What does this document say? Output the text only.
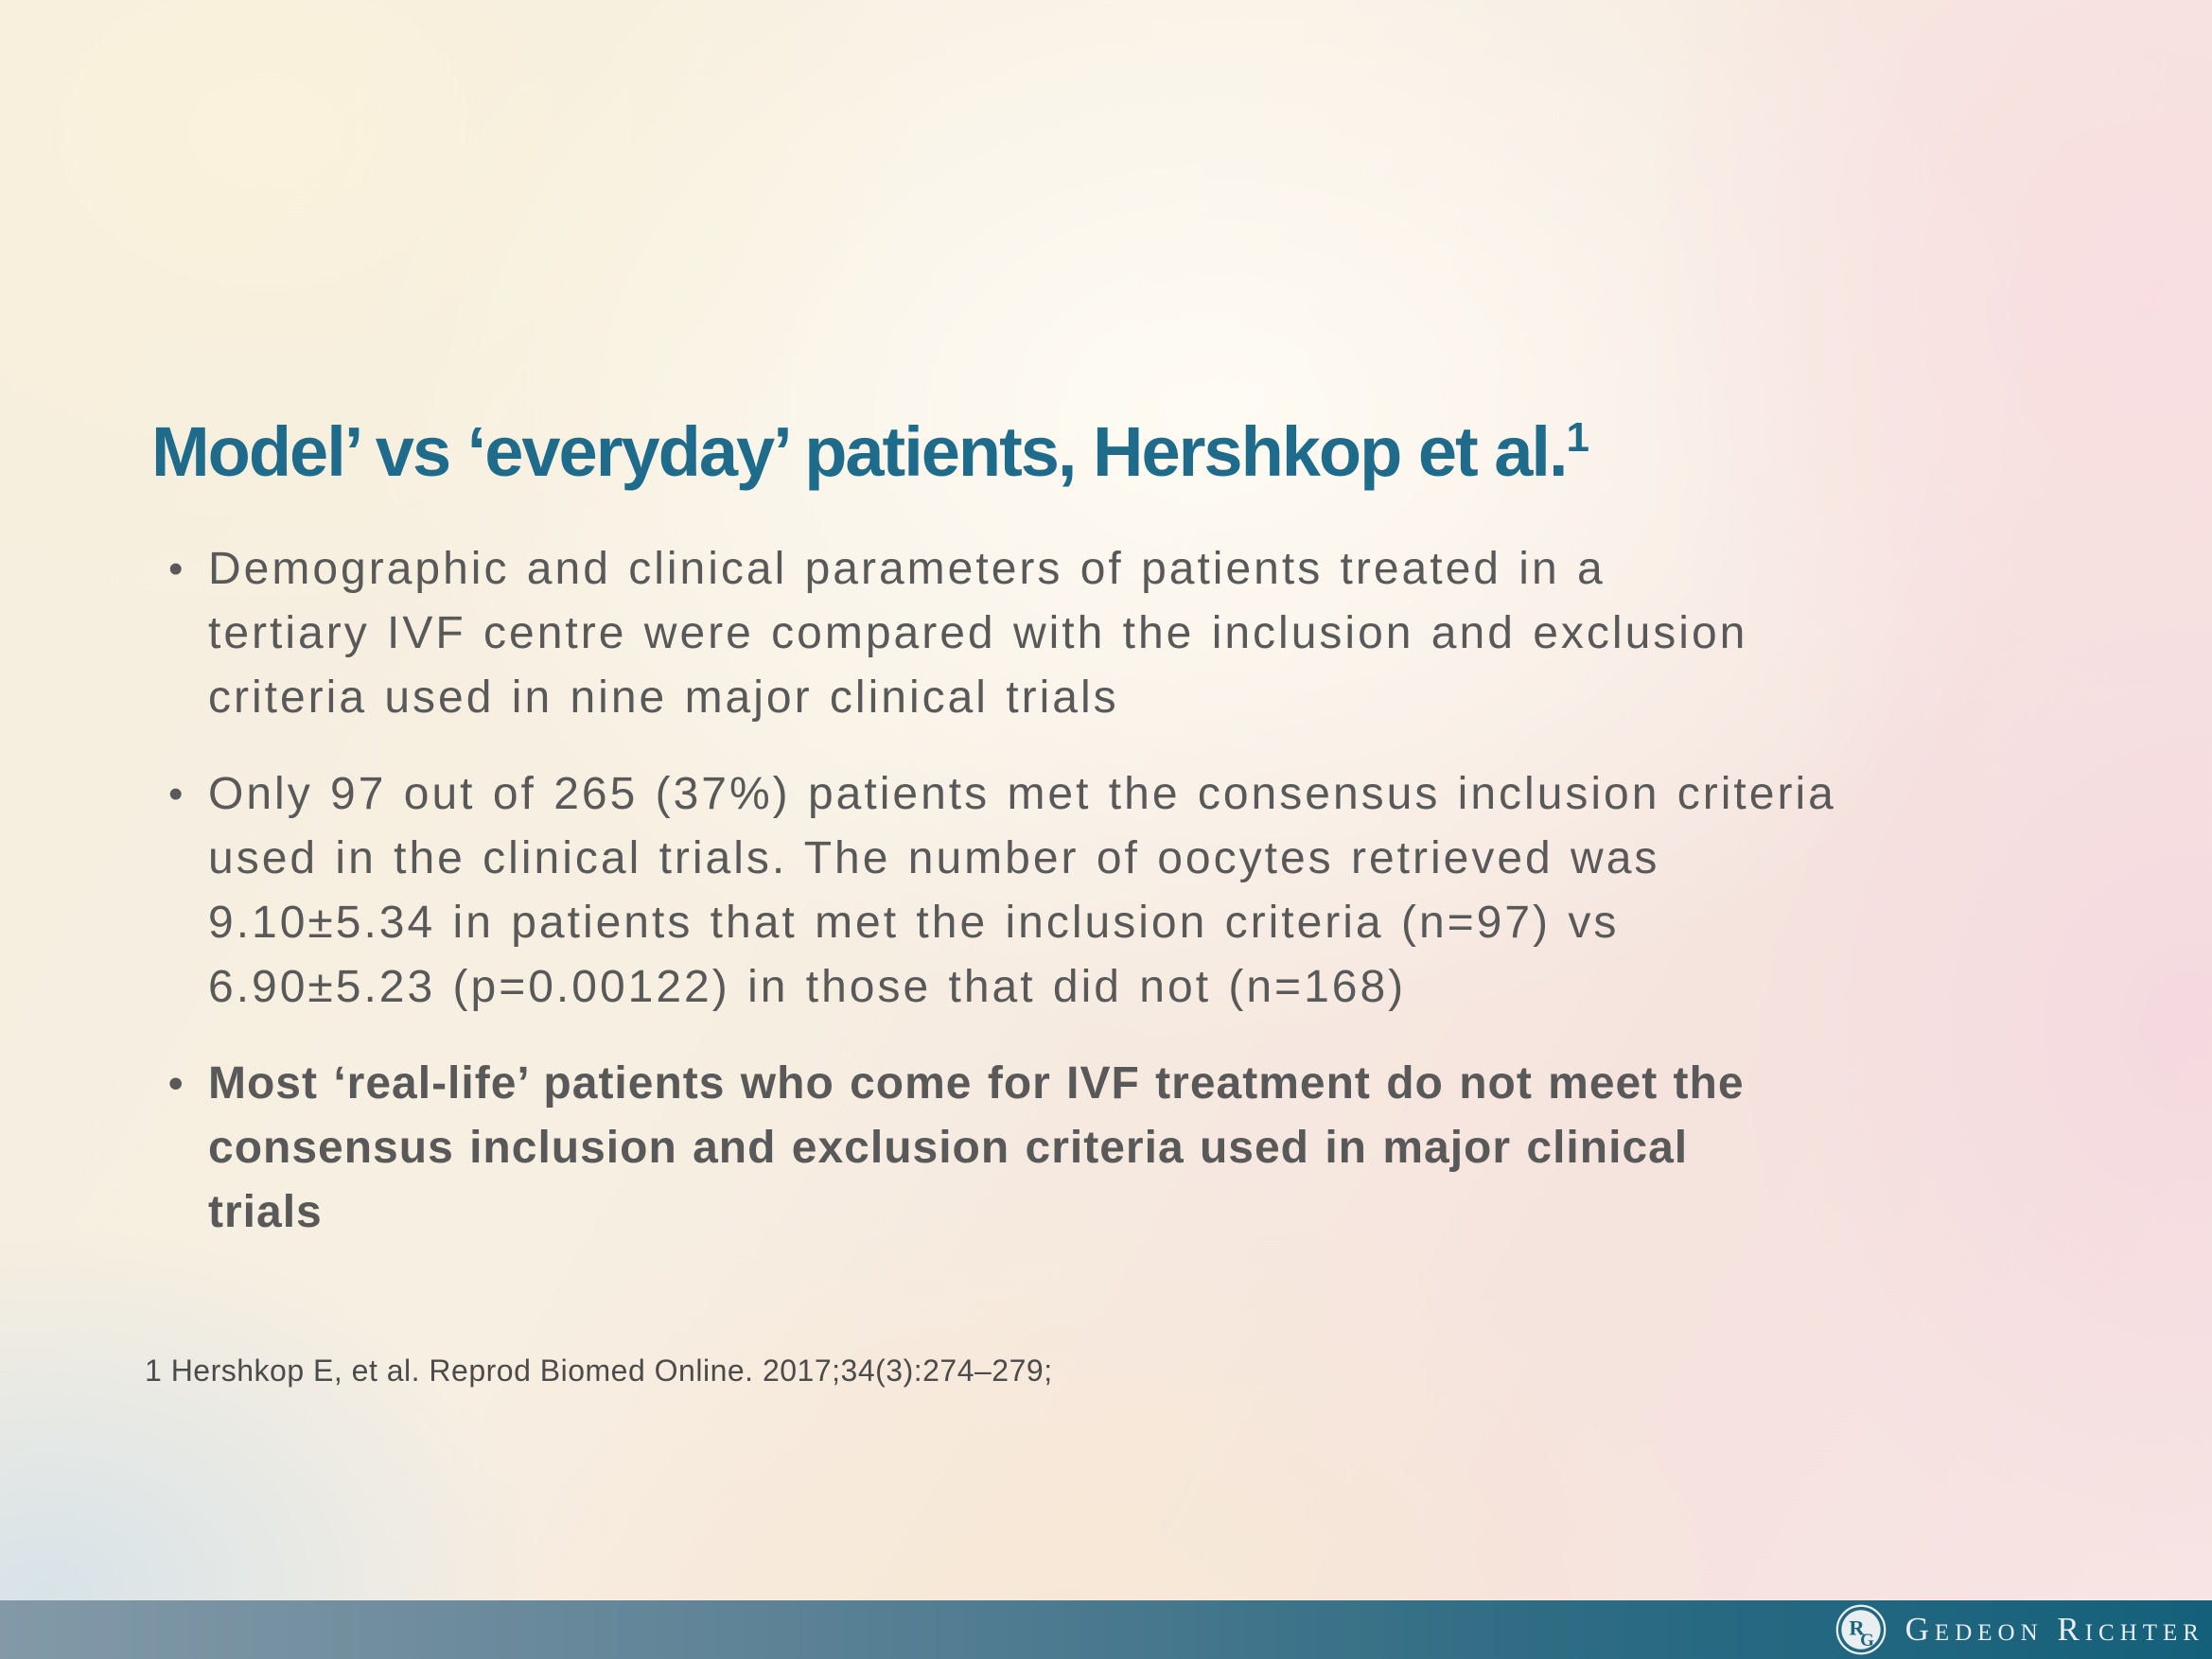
Model’ vs ‘everyday’ patients, Hershkop et al.$^1$
• Demographic and clinical parameters of patients treated in a
tertiary IVF centre were compared with the inclusion and exclusion
criteria used in nine major clinical trials
• Only 97 out of 265 (37%) patients met the consensus inclusion criteria
used in the clinical trials. The number of oocytes retrieved was
9.10±5.34 in patients that met the inclusion criteria (n=97) vs
6.90±5.23 (p=0.00122) in those that did not (n=168)
• Most ‘real-life’ patients who come for IVF treatment do not meet the
consensus inclusion and exclusion criteria used in major clinical
trials
1 Hershkop E, et al. Reprod Biomed Online. 2017;34(3):274–279;
R
G Gedeon Richter
